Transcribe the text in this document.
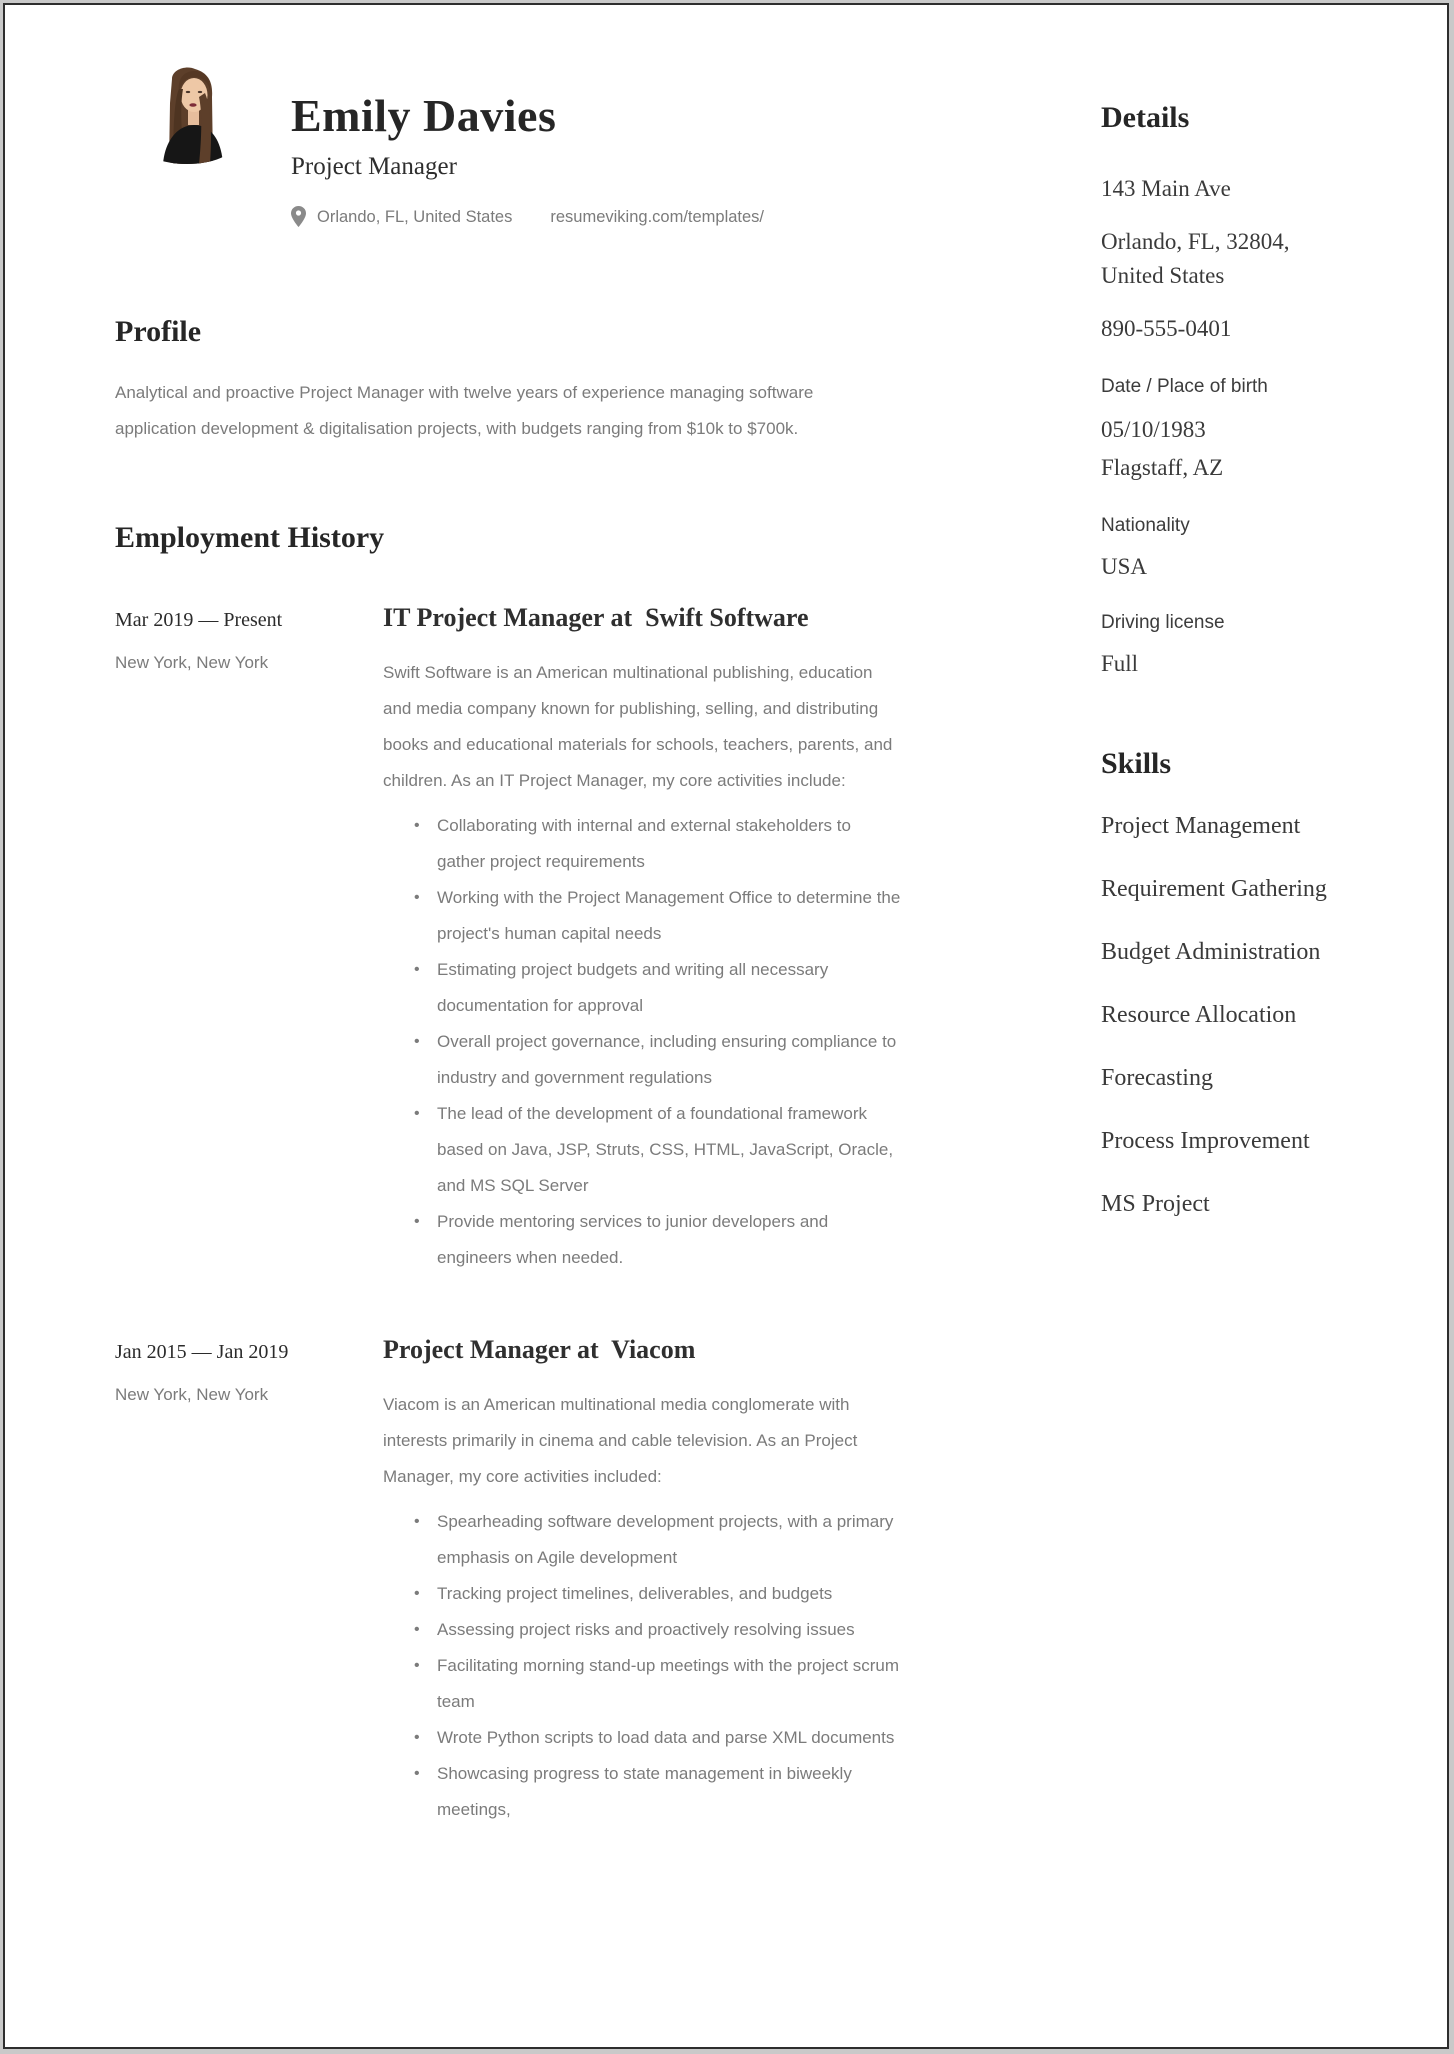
Emily Davies
Project Manager
Orlando, FL, United States resumeviking.com/templates/
Profile

Analytical and proactive Project Manager with twelve years of experience managing software application development & digitalisation projects, with budgets ranging from $10k to $700k.

Employment History
Mar 2019 — Present
New York, New York
IT Project Manager at  Swift Software

Swift Software is an American multinational publishing, education and media company known for publishing, selling, and distributing books and educational materials for schools, teachers, parents, and children. As an IT Project Manager, my core activities include:

• Collaborating with internal and external stakeholders to gather project requirements
• Working with the Project Management Office to determine the project's human capital needs
• Estimating project budgets and writing all necessary documentation for approval
• Overall project governance, including ensuring compliance to industry and government regulations
• The lead of the development of a foundational framework based on Java, JSP, Struts, CSS, HTML, JavaScript, Oracle, and MS SQL Server
• Provide mentoring services to junior developers and engineers when needed.
Jan 2015 — Jan 2019
New York, New York
Project Manager at  Viacom

Viacom is an American multinational media conglomerate with interests primarily in cinema and cable television. As an Project Manager, my core activities included:

• Spearheading software development projects, with a primary emphasis on Agile development
• Tracking project timelines, deliverables, and budgets
• Assessing project risks and proactively resolving issues
• Facilitating morning stand-up meetings with the project scrum team
• Wrote Python scripts to load data and parse XML documents
• Showcasing progress to state management in biweekly meetings,
Details
143 Main Ave
Orlando, FL, 32804,
United States
890-555-0401
Date / Place of birth
05/10/1983
Flagstaff, AZ
Nationality
USA
Driving license
Full
Skills
Project Management
Requirement Gathering
Budget Administration
Resource Allocation
Forecasting
Process Improvement
MS Project
